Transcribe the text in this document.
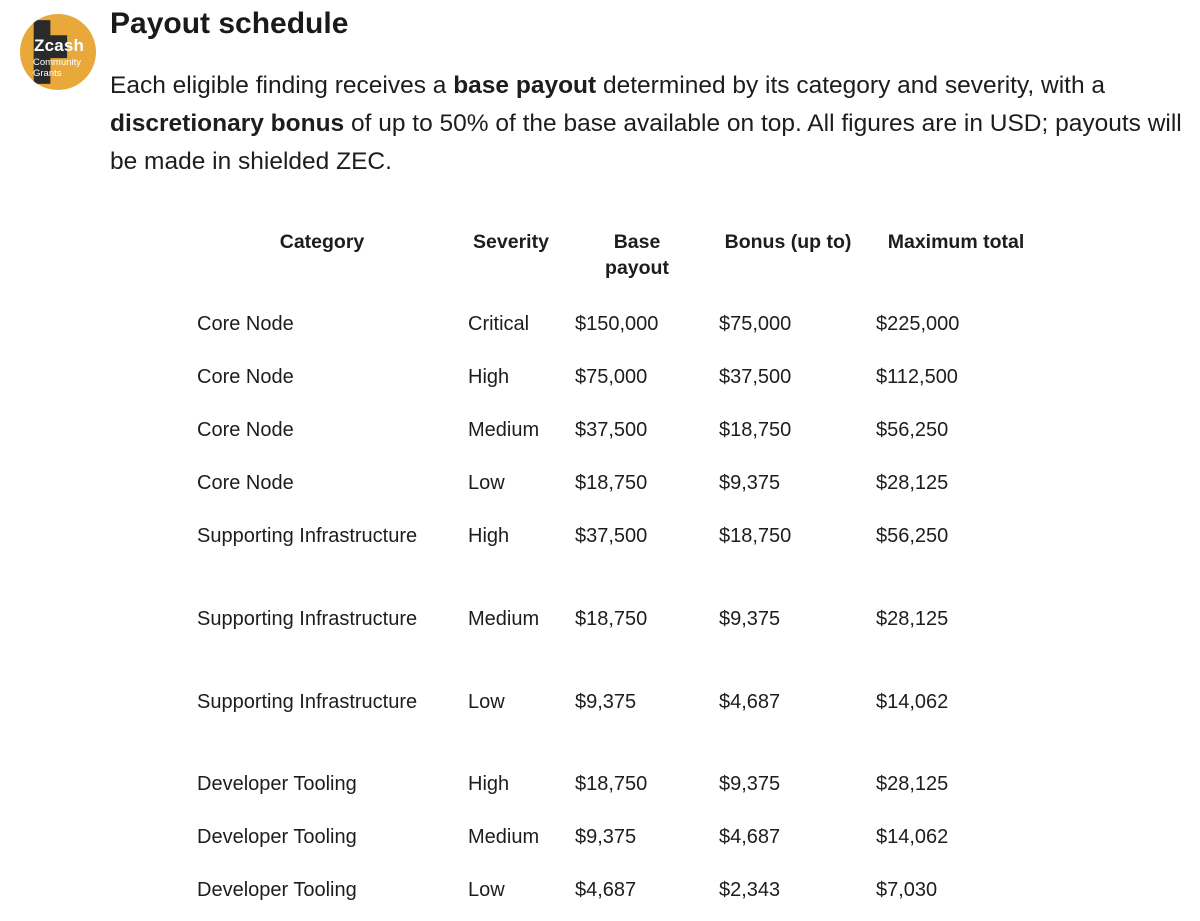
Zcash
Community
Grants
Payout schedule

Each eligible finding receives a base payout determined by its category and severity, with a discretionary bonus of up to 50% of the base available on top. All figures are in USD; payouts will be made in shielded ZEC.

Category	Severity	Base
payout
Bonus (up to)	Maximum total
Core Node	Critical $150,000	$75,000	$225,000
Core Node	High	$75,000	$37,500	$112,500
Core Node	Medium $37,500	$18,750	$56,250
Core Node	Low	$18,750	$9,375	$28,125
Supporting Infrastructure	High	$37,500	$18,750	$56,250
Supporting Infrastructure	Medium $18,750	$9,375	$28,125
Supporting Infrastructure	Low	$9,375	$4,687	$14,062
Developer Tooling	High	$18,750	$9,375	$28,125
Developer Tooling	Medium $9,375	$4,687	$14,062
Developer Tooling	Low	$4,687	$2,343	$7,030
